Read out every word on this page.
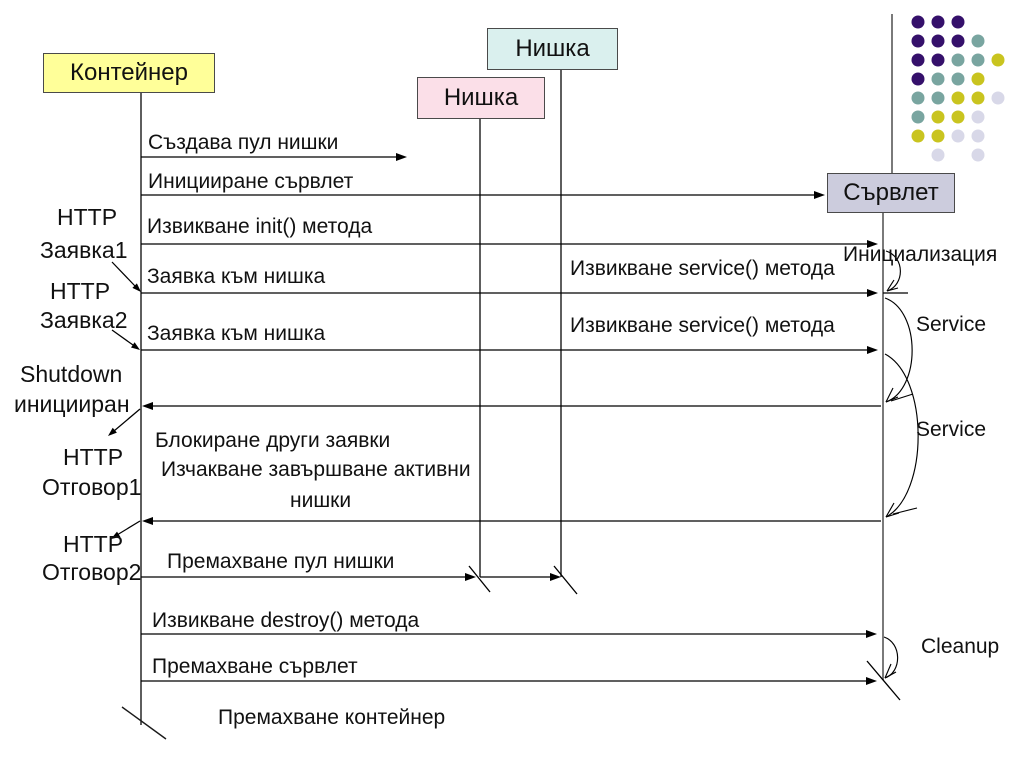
Контейнер
Нишка
Нишка
Сървлет
Създава пул нишки
Иницииране сървлет
Извикване init() метода
Заявка към нишка
Заявка към нишка
Извикване service() метода
Извикване service() метода
Блокиране други заявки
Изчакване завършване активни
нишки
Премахване пул нишки
Извикване destroy() метода
Премахване сървлет
Премахване контейнер
HTTP
Заявка1
HTTP
Заявка2
Shutdown
иницииран
HTTP
Отговор1
HTTP
Отговор2
Инициализация
Service
Service
Cleanup
